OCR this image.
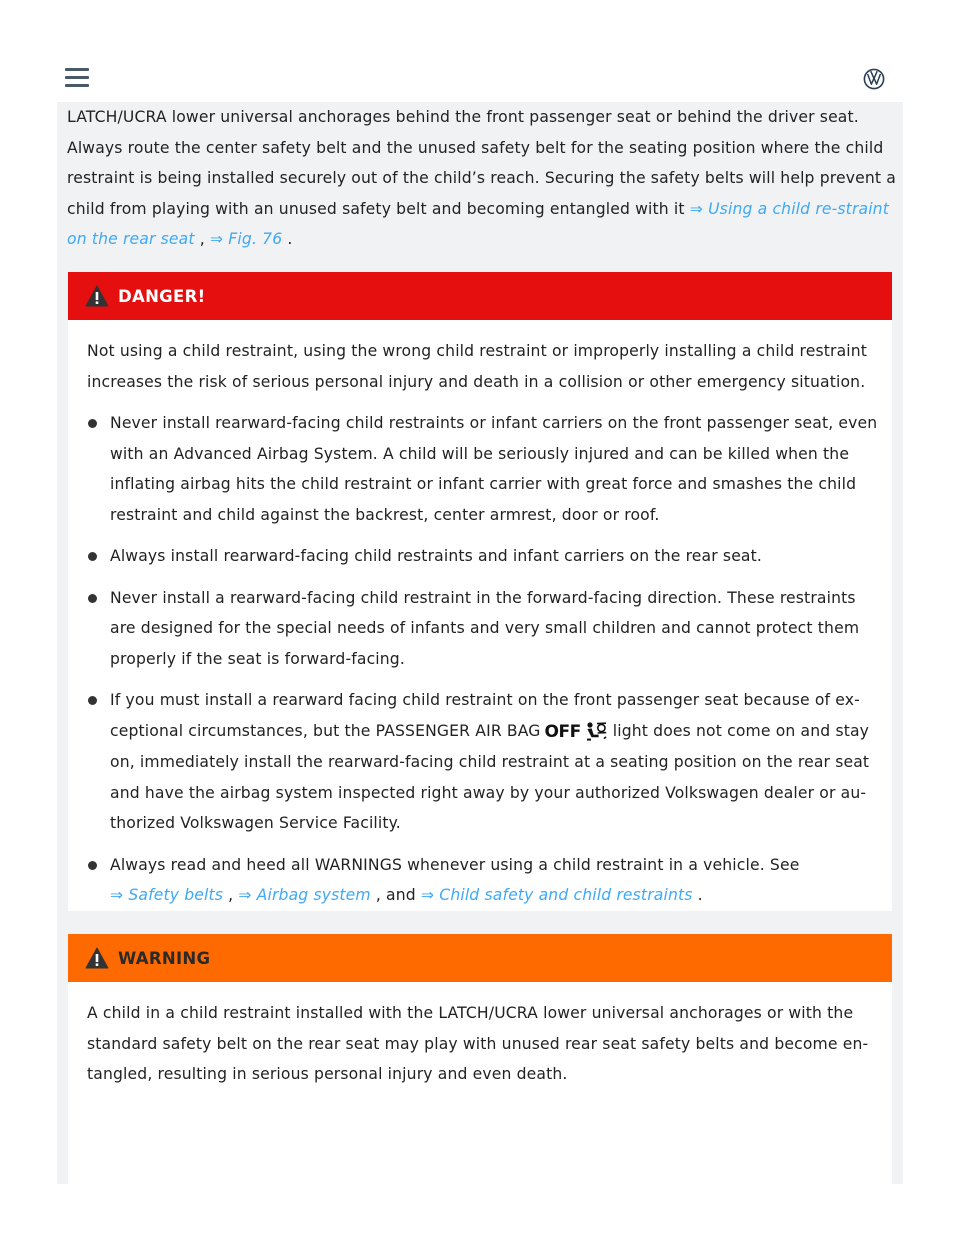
LATCH/UCRA lower universal anchorages behind the front passenger seat or behind the driver seat. Always route the center safety belt and the unused safety belt for the seating position where the child restraint is being installed securely out of the child’s reach. Securing the safety belts will help prevent a child from playing with an unused safety belt and becoming entangled with it ⇒ Using a child re-straint on the rear seat , ⇒ Fig. 76 .

DANGER!

Not using a child restraint, using the wrong child restraint or improperly installing a child restraint increases the risk of serious personal injury and death in a collision or other emergency situation.

Never install rearward-facing child restraints or infant carriers on the front passenger seat, even with an Advanced Airbag System. A child will be seriously injured and can be killed when the inflating airbag hits the child restraint or infant carrier with great force and smashes the child restraint and child against the backrest, center armrest, door or roof.
Always install rearward-facing child restraints and infant carriers on the rear seat.
Never install a rearward-facing child restraint in the forward-facing direction. These restraints are designed for the special needs of infants and very small children and cannot protect them properly if the seat is forward-facing.
If you must install a rearward facing child restraint on the front passenger seat because of ex-ceptional circumstances, but the PASSENGER AIR BAG OFF light does not come on and stay on, immediately install the rearward-facing child restraint at a seating position on the rear seat and have the airbag system inspected right away by your authorized Volkswagen dealer or au-thorized Volkswagen Service Facility.
Always read and heed all WARNINGS whenever using a child restraint in a vehicle. See
⇒ Safety belts , ⇒ Airbag system , and ⇒ Child safety and child restraints .
WARNING

A child in a child restraint installed with the LATCH/UCRA lower universal anchorages or with the standard safety belt on the rear seat may play with unused rear seat safety belts and become en-tangled, resulting in serious personal injury and even death.
